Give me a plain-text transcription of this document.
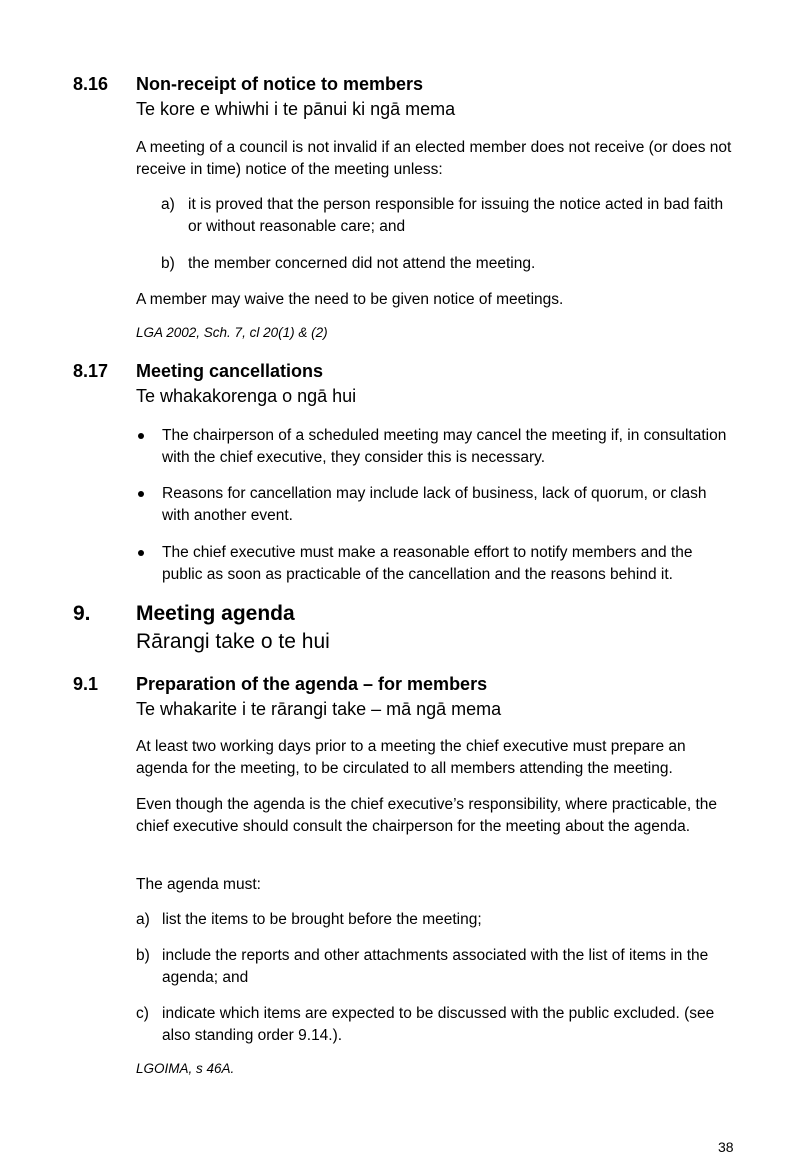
8.16 Non-receipt of notice to members
Te kore e whiwhi i te pānui ki ngā mema
A meeting of a council is not invalid if an elected member does not receive (or does not receive in time) notice of the meeting unless:
a) it is proved that the person responsible for issuing the notice acted in bad faith or without reasonable care; and
b) the member concerned did not attend the meeting.
A member may waive the need to be given notice of meetings.
LGA 2002, Sch. 7, cl 20(1) & (2)
8.17 Meeting cancellations
Te whakakorenga o ngā hui
The chairperson of a scheduled meeting may cancel the meeting if, in consultation with the chief executive, they consider this is necessary.
Reasons for cancellation may include lack of business, lack of quorum, or clash with another event.
The chief executive must make a reasonable effort to notify members and the public as soon as practicable of the cancellation and the reasons behind it.
9. Meeting agenda
Rārangi take o te hui
9.1 Preparation of the agenda – for members
Te whakarite i te rārangi take – mā ngā mema
At least two working days prior to a meeting the chief executive must prepare an agenda for the meeting, to be circulated to all members attending the meeting.
Even though the agenda is the chief executive’s responsibility, where practicable, the chief executive should consult the chairperson for the meeting about the agenda.
The agenda must:
a) list the items to be brought before the meeting;
b) include the reports and other attachments associated with the list of items in the agenda; and
c) indicate which items are expected to be discussed with the public excluded. (see also standing order 9.14.).
LGOIMA, s 46A.
38
